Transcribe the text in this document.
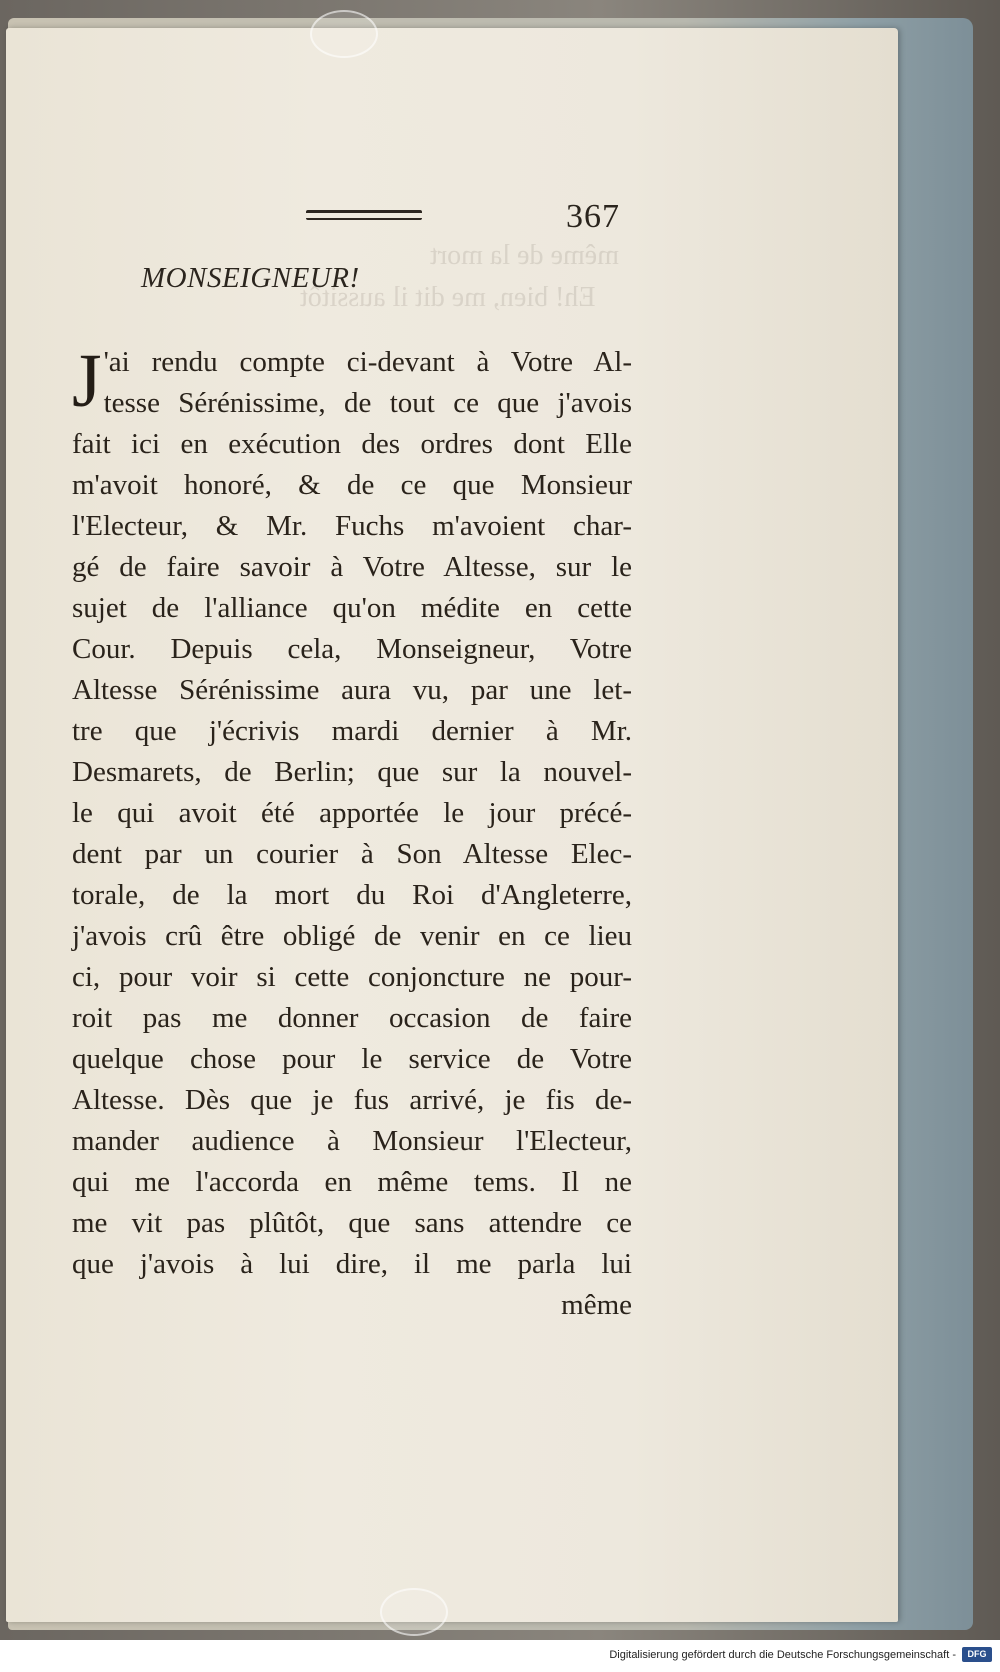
même de la mort
Eh! bien, me dit il aussitôt
367
MONSEIGNEUR!
J 'ai rendu compte ci-devant à Votre Al-
tesse Sérénissime, de tout ce que j'avois
fait ici en exécution des ordres dont Elle
m'avoit honoré, & de ce que Monsieur
l'Electeur, & Mr. Fuchs m'avoient char-
gé de faire savoir à Votre Altesse, sur le
sujet de l'alliance qu'on médite en cette
Cour. Depuis cela, Monseigneur, Votre
Altesse Sérénissime aura vu, par une let-
tre que j'écrivis mardi dernier à Mr.
Desmarets, de Berlin; que sur la nouvel-
le qui avoit été apportée le jour précé-
dent par un courier à Son Altesse Elec-
torale, de la mort du Roi d'Angleterre,
j'avois crû être obligé de venir en ce lieu
ci, pour voir si cette conjoncture ne pour-
roit pas me donner occasion de faire
quelque chose pour le service de Votre
Altesse. Dès que je fus arrivé, je fis de-
mander audience à Monsieur l'Electeur,
qui me l'accorda en même tems. Il ne
me vit pas plûtôt, que sans attendre ce
que j'avois à lui dire, il me parla lui
même
Digitalisierung gefördert durch die Deutsche Forschungsgemeinschaft -	DFG
